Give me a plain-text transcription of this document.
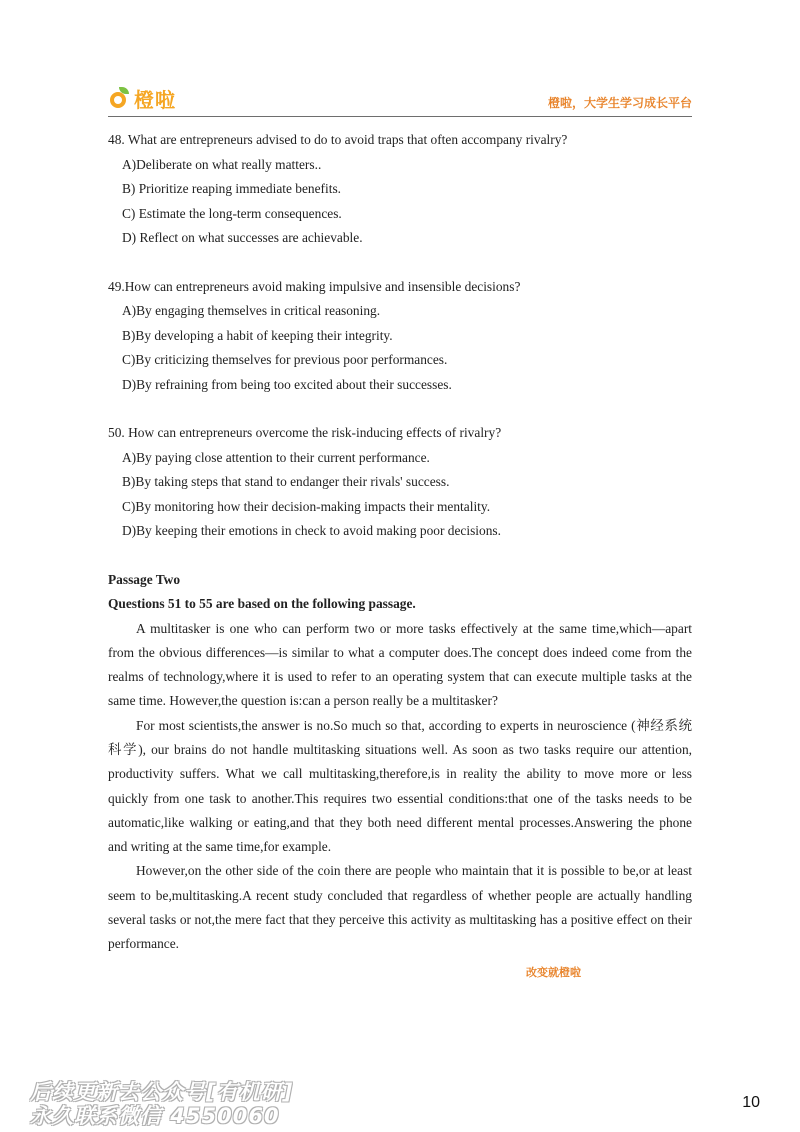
橙啦	橙啦，大学生学习成长平台
48. What are entrepreneurs advised to do to avoid traps that often accompany rivalry?
A)Deliberate on what really matters..
B) Prioritize reaping immediate benefits.
C) Estimate the long-term consequences.
D) Reflect on what successes are achievable.
49.How can entrepreneurs avoid making impulsive and insensible decisions?
A)By engaging themselves in critical reasoning.
B)By developing a habit of keeping their integrity.
C)By criticizing themselves for previous poor performances.
D)By refraining from being too excited about their successes.
50. How can entrepreneurs overcome the risk-inducing effects of rivalry?
A)By paying close attention to their current performance.
B)By taking steps that stand to endanger their rivals' success.
C)By monitoring how their decision-making impacts their mentality.
D)By keeping their emotions in check to avoid making poor decisions.
Passage Two
Questions 51 to 55 are based on the following passage.

A multitasker is one who can perform two or more tasks effectively at the same time,which—apart from the obvious differences—is similar to what a computer does.The concept does indeed come from the realms of technology,where it is used to refer to an operating system that can execute multiple tasks at the same time. However,the question is:can a person really be a multitasker?

For most scientists,the answer is no.So much so that, according to experts in neuroscience (神经系统科学), our brains do not handle multitasking situations well. As soon as two tasks require our attention, productivity suffers. What we call multitasking,therefore,is in reality the ability to move more or less quickly from one task to another.This requires two essential conditions:that one of the tasks needs to be automatic,like walking or eating,and that they both need different mental processes.Answering the phone and writing at the same time,for example.

However,on the other side of the coin there are people who maintain that it is possible to be,or at least seem to be,multitasking.A recent study concluded that regardless of whether people are actually handling several tasks or not,the mere fact that they perceive this activity as multitasking has a positive effect on their performance.

改变就橙啦
后续更新去公众号[有机研]
永久联系微信 4550060
10
